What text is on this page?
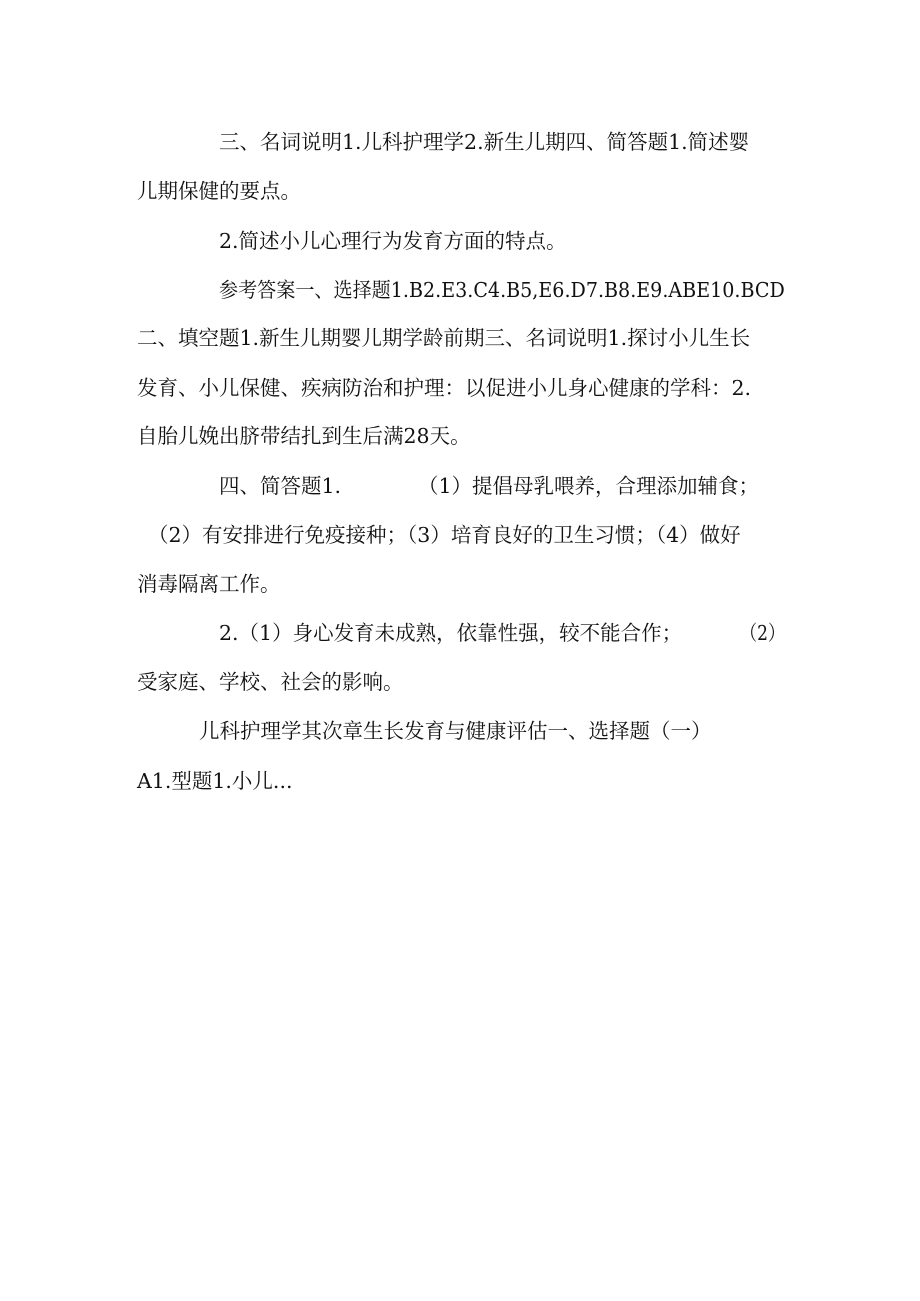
三、名词说明1.儿科护理学2.新生儿期四、简答题1.简述婴
儿期保健的要点。
2.简述小儿心理行为发育方面的特点。
参考答案一、选择题1.B2.E3.C4.B5,E6.D7.B8.E9.ABE10.BCD
二、填空题1.新生儿期婴儿期学龄前期三、名词说明1.探讨小儿生长
发育、小儿保健、疾病防治和护理：以促进小儿身心健康的学科：2.
自胎儿娩出脐带结扎到生后满28天。
四、简答题1.	（1）提倡母乳喂养，合理添加辅食；
（2）有安排进行免疫接种；（3）培育良好的卫生习惯；（4）做好
消毒隔离工作。
2.（1）身心发育未成熟，依靠性强，较不能合作；	（2）
受家庭、学校、社会的影响。
儿科护理学其次章生长发育与健康评估一、选择题（一）
A1.型题1.小儿...
